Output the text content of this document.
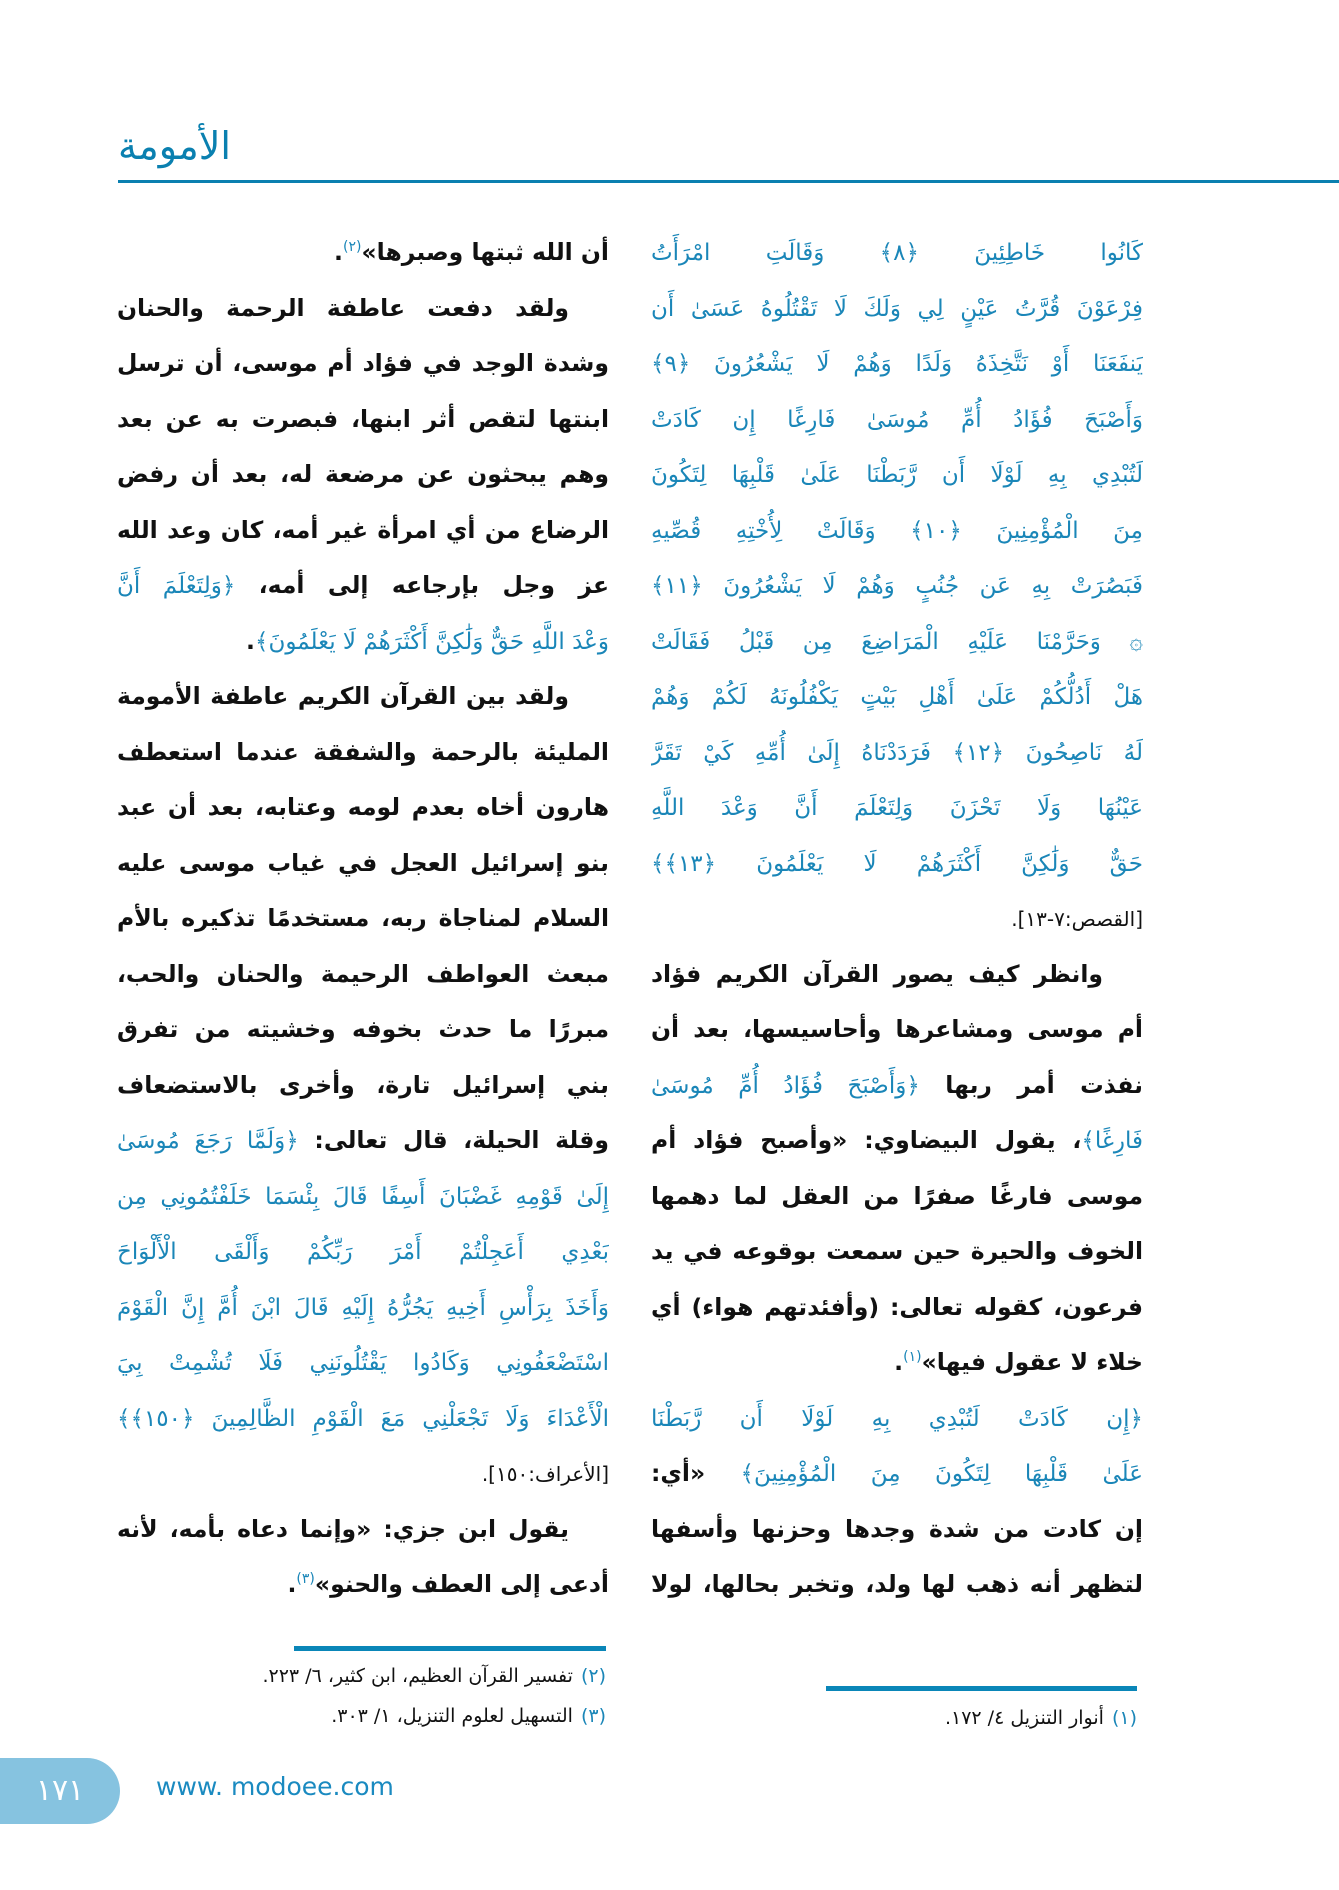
الأمومة
كَانُوا خَاطِئِينَ ﴿٨﴾ وَقَالَتِ امْرَأَتُ
فِرْعَوْنَ قُرَّتُ عَيْنٍ لِي وَلَكَ لَا تَقْتُلُوهُ عَسَىٰ أَن
يَنفَعَنَا أَوْ نَتَّخِذَهُ وَلَدًا وَهُمْ لَا يَشْعُرُونَ ﴿٩﴾
وَأَصْبَحَ فُؤَادُ أُمِّ مُوسَىٰ فَارِغًا إِن كَادَتْ
لَتُبْدِي بِهِ لَوْلَا أَن رَّبَطْنَا عَلَىٰ قَلْبِهَا لِتَكُونَ
مِنَ الْمُؤْمِنِينَ ﴿١٠﴾ وَقَالَتْ لِأُخْتِهِ قُصِّيهِ
فَبَصُرَتْ بِهِ عَن جُنُبٍ وَهُمْ لَا يَشْعُرُونَ ﴿١١﴾
۞ وَحَرَّمْنَا عَلَيْهِ الْمَرَاضِعَ مِن قَبْلُ فَقَالَتْ
هَلْ أَدُلُّكُمْ عَلَىٰ أَهْلِ بَيْتٍ يَكْفُلُونَهُ لَكُمْ وَهُمْ
لَهُ نَاصِحُونَ ﴿١٢﴾ فَرَدَدْنَاهُ إِلَىٰ أُمِّهِ كَيْ تَقَرَّ
عَيْنُهَا وَلَا تَحْزَنَ وَلِتَعْلَمَ أَنَّ وَعْدَ اللَّهِ
حَقٌّ وَلَٰكِنَّ أَكْثَرَهُمْ لَا يَعْلَمُونَ ﴿١٣﴾﴾
[القصص:٧-١٣].
وانظر كيف يصور القرآن الكريم فؤاد
أم موسى ومشاعرها وأحاسيسها، بعد أن
نفذت أمر ربها ﴿وَأَصْبَحَ فُؤَادُ أُمِّ مُوسَىٰ
فَارِغًا﴾، يقول البيضاوي: «وأصبح فؤاد أم
موسى فارغًا صفرًا من العقل لما دهمها
الخوف والحيرة حين سمعت بوقوعه في يد
فرعون، كقوله تعالى: (وأفئدتهم هواء) أي
خلاء لا عقول فيها»$^{(١)}$.
﴿إِن كَادَتْ لَتُبْدِي بِهِ لَوْلَا أَن رَّبَطْنَا
عَلَىٰ قَلْبِهَا لِتَكُونَ مِنَ الْمُؤْمِنِينَ﴾ «أي:
إن كادت من شدة وجدها وحزنها وأسفها
لتظهر أنه ذهب لها ولد، وتخبر بحالها، لولا
أن الله ثبتها وصبرها»$^{(٢)}$.
ولقد دفعت عاطفة الرحمة والحنان
وشدة الوجد في فؤاد أم موسى، أن ترسل
ابنتها لتقص أثر ابنها، فبصرت به عن بعد
وهم يبحثون عن مرضعة له، بعد أن رفض
الرضاع من أي امرأة غير أمه، كان وعد الله
عز وجل بإرجاعه إلى أمه، ﴿وَلِتَعْلَمَ أَنَّ
وَعْدَ اللَّهِ حَقٌّ وَلَٰكِنَّ أَكْثَرَهُمْ لَا يَعْلَمُونَ﴾.
ولقد بين القرآن الكريم عاطفة الأمومة
المليئة بالرحمة والشفقة عندما استعطف
هارون أخاه بعدم لومه وعتابه، بعد أن عبد
بنو إسرائيل العجل في غياب موسى عليه
السلام لمناجاة ربه، مستخدمًا تذكيره بالأم
مبعث العواطف الرحيمة والحنان والحب،
مبررًا ما حدث بخوفه وخشيته من تفرق
بني إسرائيل تارة، وأخرى بالاستضعاف
وقلة الحيلة، قال تعالى: ﴿وَلَمَّا رَجَعَ مُوسَىٰ
إِلَىٰ قَوْمِهِ غَضْبَانَ أَسِفًا قَالَ بِئْسَمَا خَلَفْتُمُونِي مِن
بَعْدِي أَعَجِلْتُمْ أَمْرَ رَبِّكُمْ وَأَلْقَى الْأَلْوَاحَ
وَأَخَذَ بِرَأْسِ أَخِيهِ يَجُرُّهُ إِلَيْهِ قَالَ ابْنَ أُمَّ إِنَّ الْقَوْمَ
اسْتَضْعَفُونِي وَكَادُوا يَقْتُلُونَنِي فَلَا تُشْمِتْ بِيَ
الْأَعْدَاءَ وَلَا تَجْعَلْنِي مَعَ الْقَوْمِ الظَّالِمِينَ ﴿١٥٠﴾﴾
[الأعراف:١٥٠].
يقول ابن جزي: «وإنما دعاه بأمه، لأنه
أدعى إلى العطف والحنو»$^{(٣)}$.
(٢)تفسير القرآن العظيم، ابن كثير، ٦/ ٢٢٣.
(٣)التسهيل لعلوم التنزيل، ١/ ٣٠٣.	(١)أنوار التنزيل ٤/ ١٧٢.
١٧١	www. modoee.com
